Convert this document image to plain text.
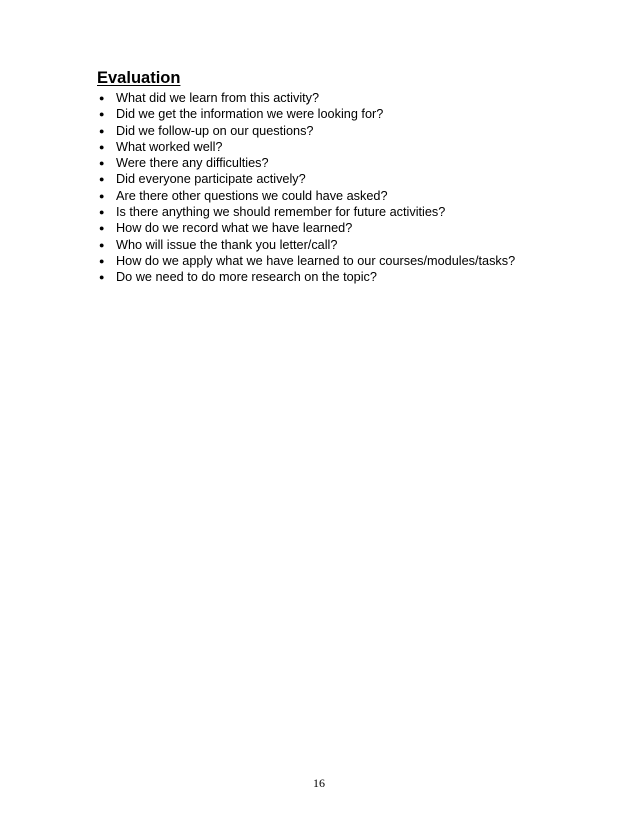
Evaluation
● What did we learn from this activity?
● Did we get the information we were looking for?
● Did we follow-up on our questions?
● What worked well?
● Were there any difficulties?
● Did everyone participate actively?
● Are there other questions we could have asked?
● Is there anything we should remember for future activities?
● How do we record what we have learned?
● Who will issue the thank you letter/call?
● How do we apply what we have learned to our courses/modules/tasks?
● Do we need to do more research on the topic?
16
